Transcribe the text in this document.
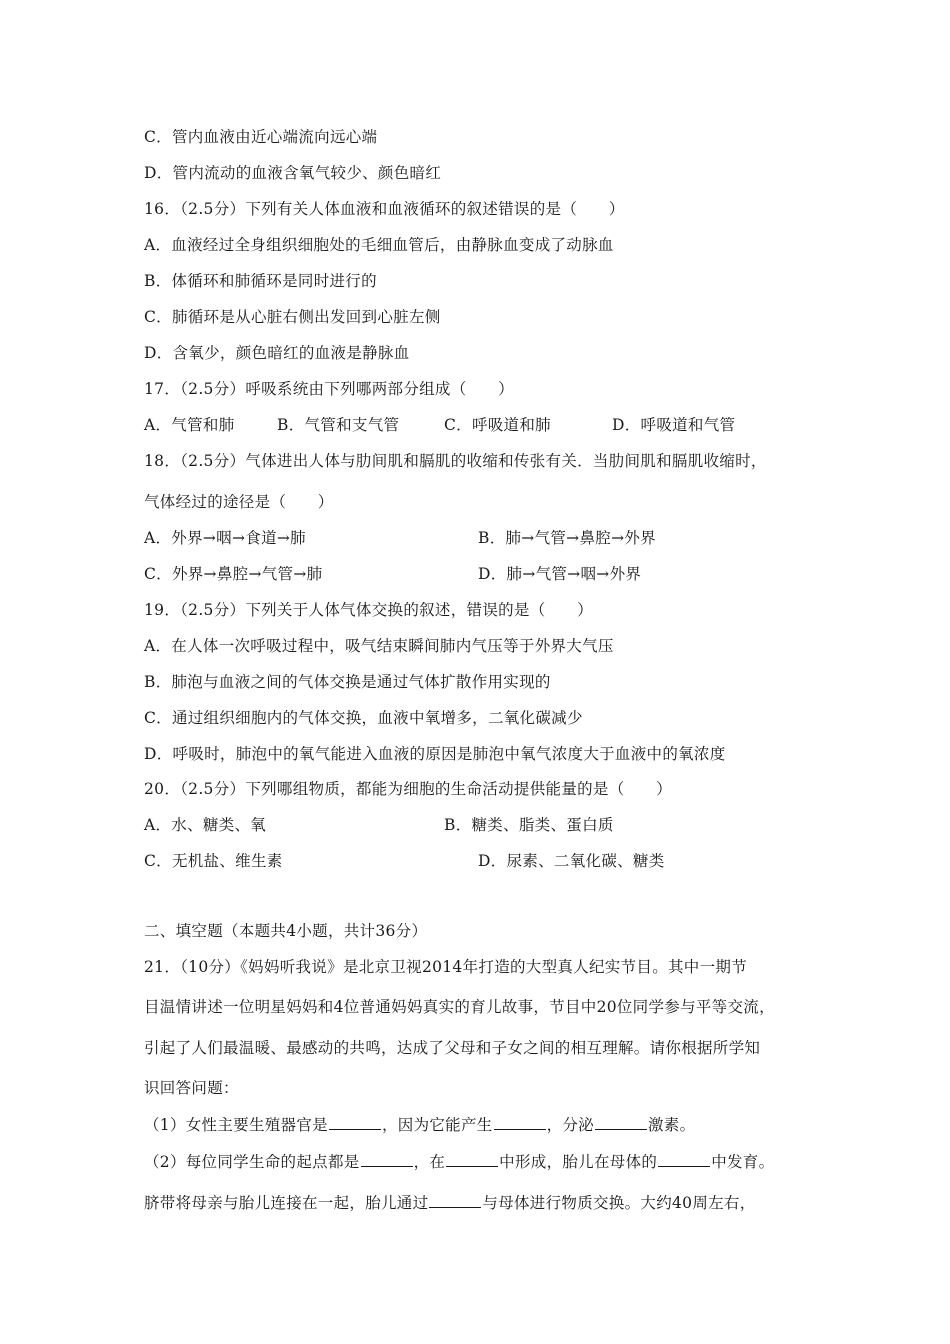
C．管内血液由近心端流向远心端
D．管内流动的血液含氧气较少、颜色暗红
16．（2.5分）下列有关人体血液和血液循环的叙述错误的是（　　）
A．血液经过全身组织细胞处的毛细血管后，由静脉血变成了动脉血
B．体循环和肺循环是同时进行的
C．肺循环是从心脏右侧出发回到心脏左侧
D．含氧少，颜色暗红的血液是静脉血
17．（2.5分）呼吸系统由下列哪两部分组成（　　）
A．气管和肺	B．气管和支气管	C．呼吸道和肺	D．呼吸道和气管
18．（2.5分）气体进出人体与肋间肌和膈肌的收缩和传张有关．当肋间肌和膈肌收缩时，
气体经过的途径是（　　）
A．外界→咽→食道→肺	B．肺→气管→鼻腔→外界
C．外界→鼻腔→气管→肺	D．肺→气管→咽→外界
19．（2.5分）下列关于人体气体交换的叙述，错误的是（　　）
A．在人体一次呼吸过程中，吸气结束瞬间肺内气压等于外界大气压
B．肺泡与血液之间的气体交换是通过气体扩散作用实现的
C．通过组织细胞内的气体交换，血液中氧增多，二氧化碳减少
D．呼吸时，肺泡中的氧气能进入血液的原因是肺泡中氧气浓度大于血液中的氧浓度
20．（2.5分）下列哪组物质，都能为细胞的生命活动提供能量的是（　　）
A．水、糖类、氧	B．糖类、脂类、蛋白质
C．无机盐、维生素	D．尿素、二氧化碳、糖类
二、填空题（本题共4小题，共计36分）
21．（10分）《妈妈听我说》是北京卫视2014年打造的大型真人纪实节目。其中一期节
目温情讲述一位明星妈妈和4位普通妈妈真实的育儿故事，节目中20位同学参与平等交流，
引起了人们最温暖、最感动的共鸣，达成了父母和子女之间的相互理解。请你根据所学知
识回答问题：
（1）女性主要生殖器官是	，因为它能产生	，分泌	激素。
（2）每位同学生命的起点都是	，在	中形成，胎儿在母体的	中发育。
脐带将母亲与胎儿连接在一起，胎儿通过	与母体进行物质交换。大约40周左右，
